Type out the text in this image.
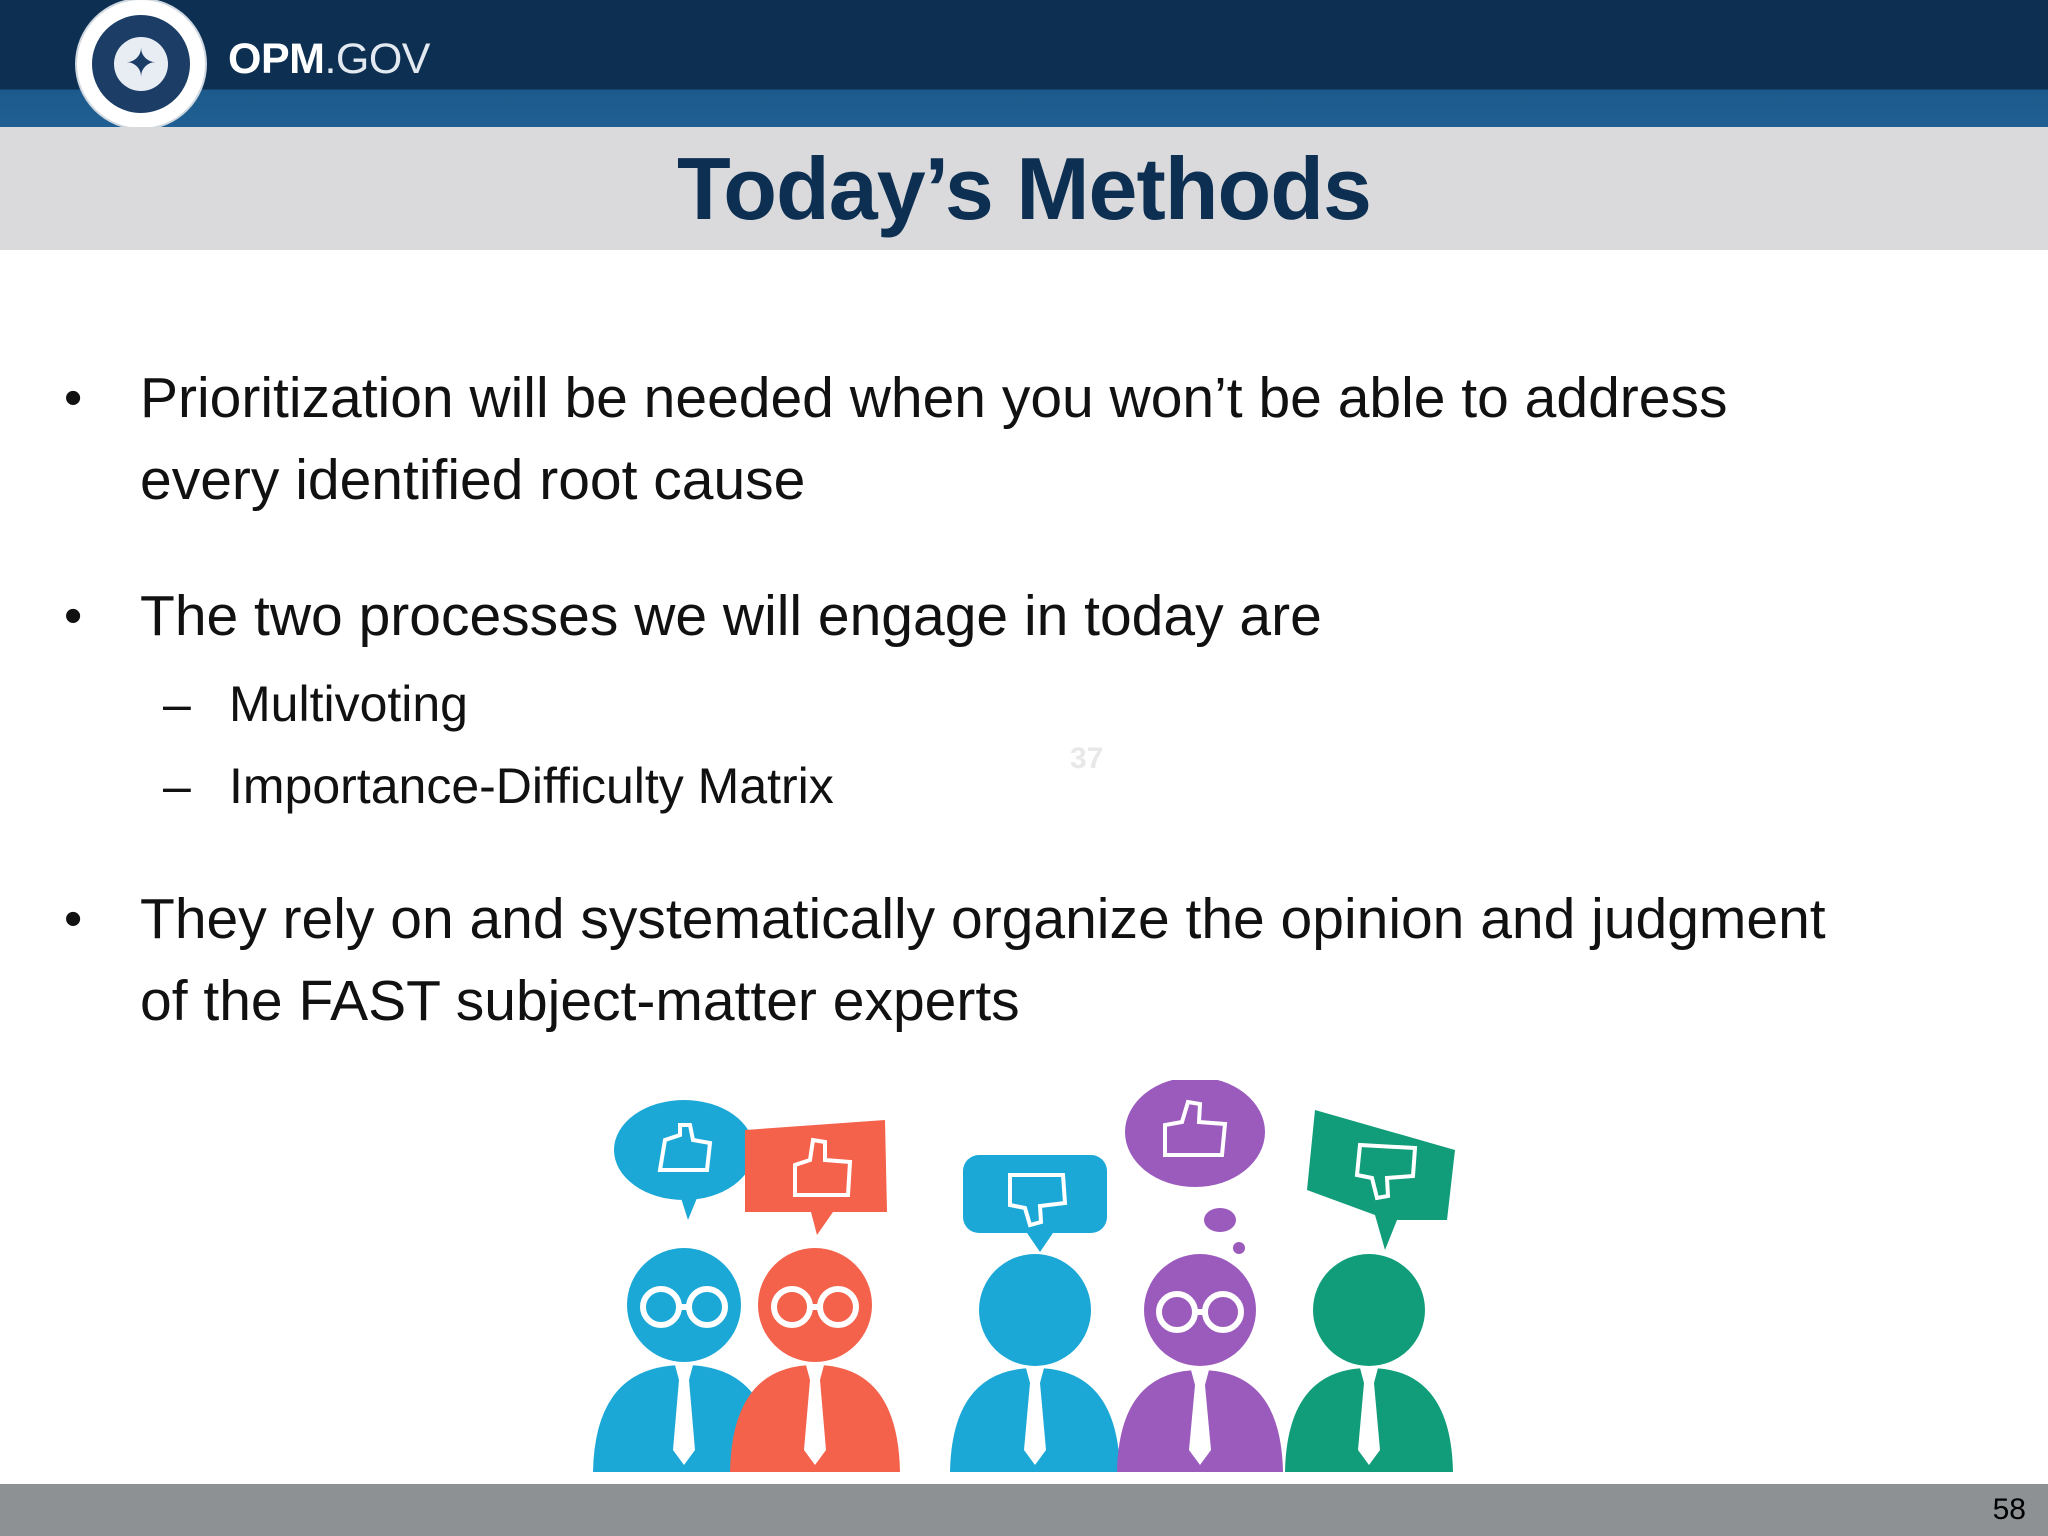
✦ OPM.GOV
Today’s Methods
• Prioritization will be needed when you won’t be able to address
every identified root cause
• The two processes we will engage in today are
– Multivoting
– Importance-Difficulty Matrix
• They rely on and systematically organize the opinion and judgment
of the FAST subject-matter experts
37
58
